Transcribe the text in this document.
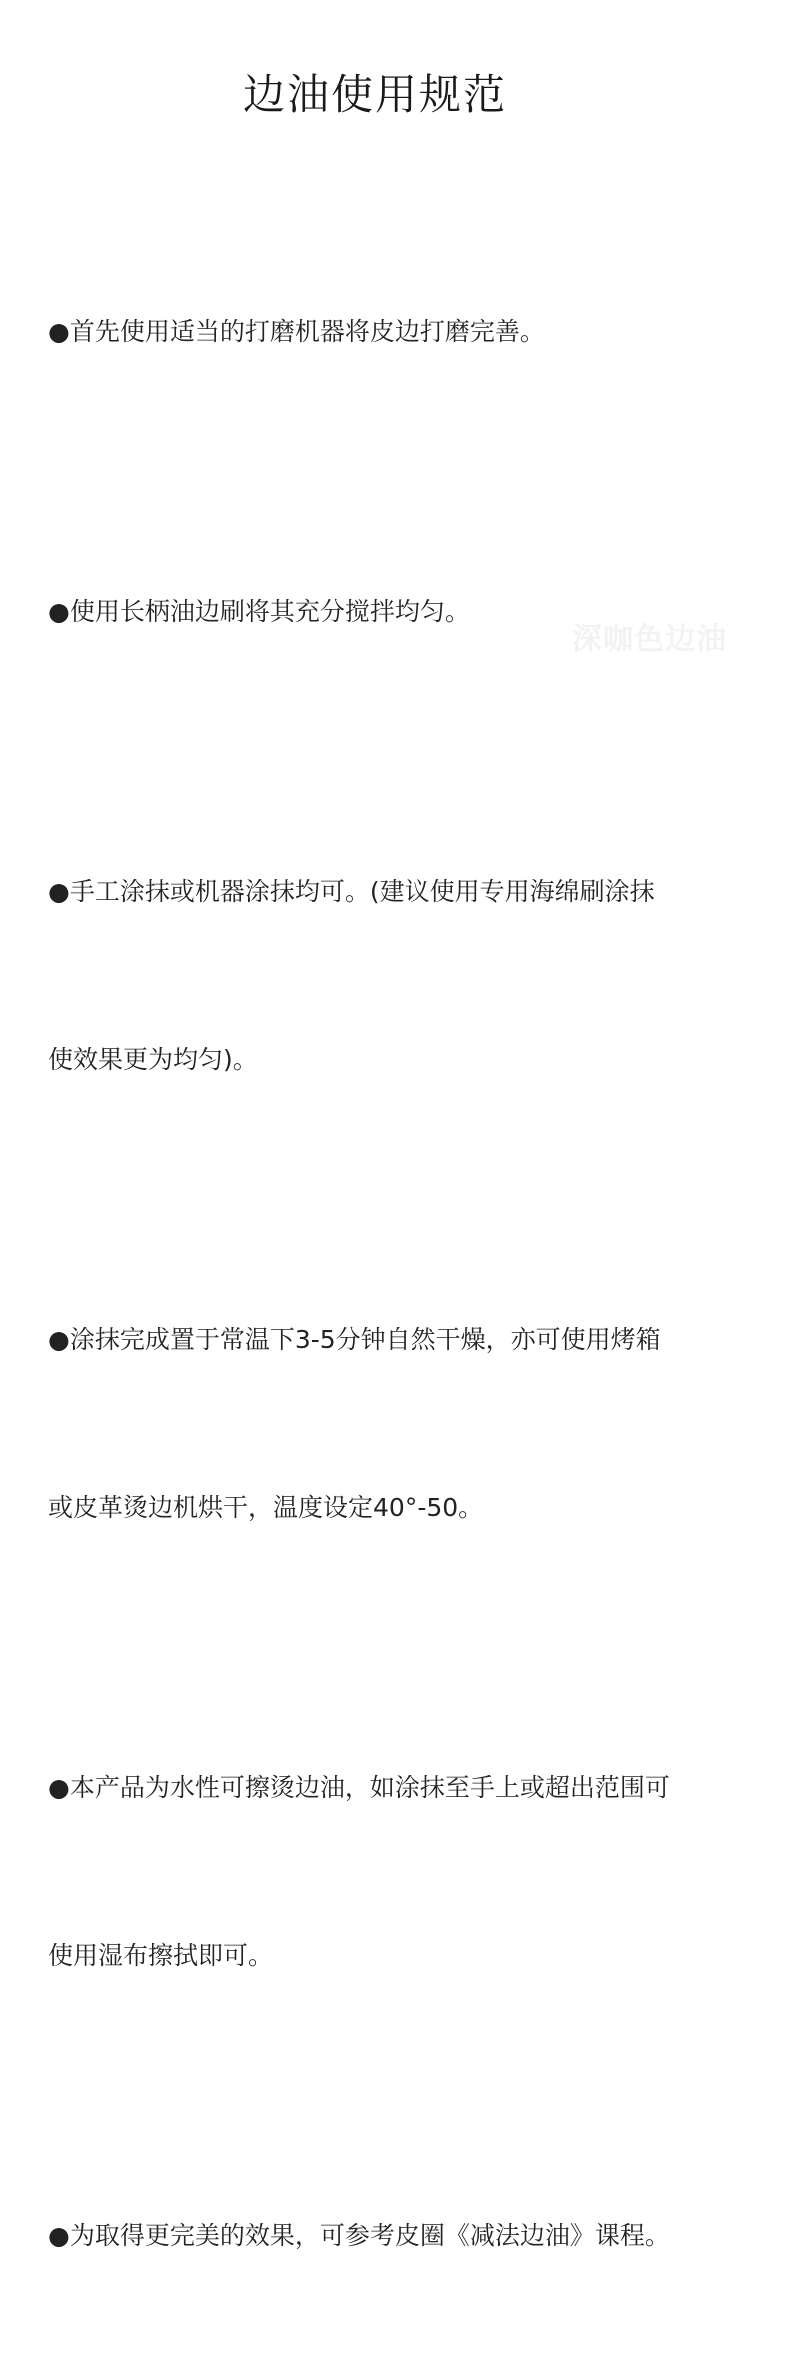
边油使用规范

●首先使用适当的打磨机器将皮边打磨完善。

●使用长柄油边刷将其充分搅拌均匀。

●手工涂抹或机器涂抹均可。(建议使用专用海绵刷涂抹

使效果更为均匀)。

●涂抹完成置于常温下3-5分钟自然干燥，亦可使用烤箱

或皮革烫边机烘干，温度设定40°-50。

●本产品为水性可擦烫边油，如涂抹至手上或超出范围可

使用湿布擦拭即可。

●为取得更完美的效果，可参考皮圈《减法边油》课程。

深咖色边油
